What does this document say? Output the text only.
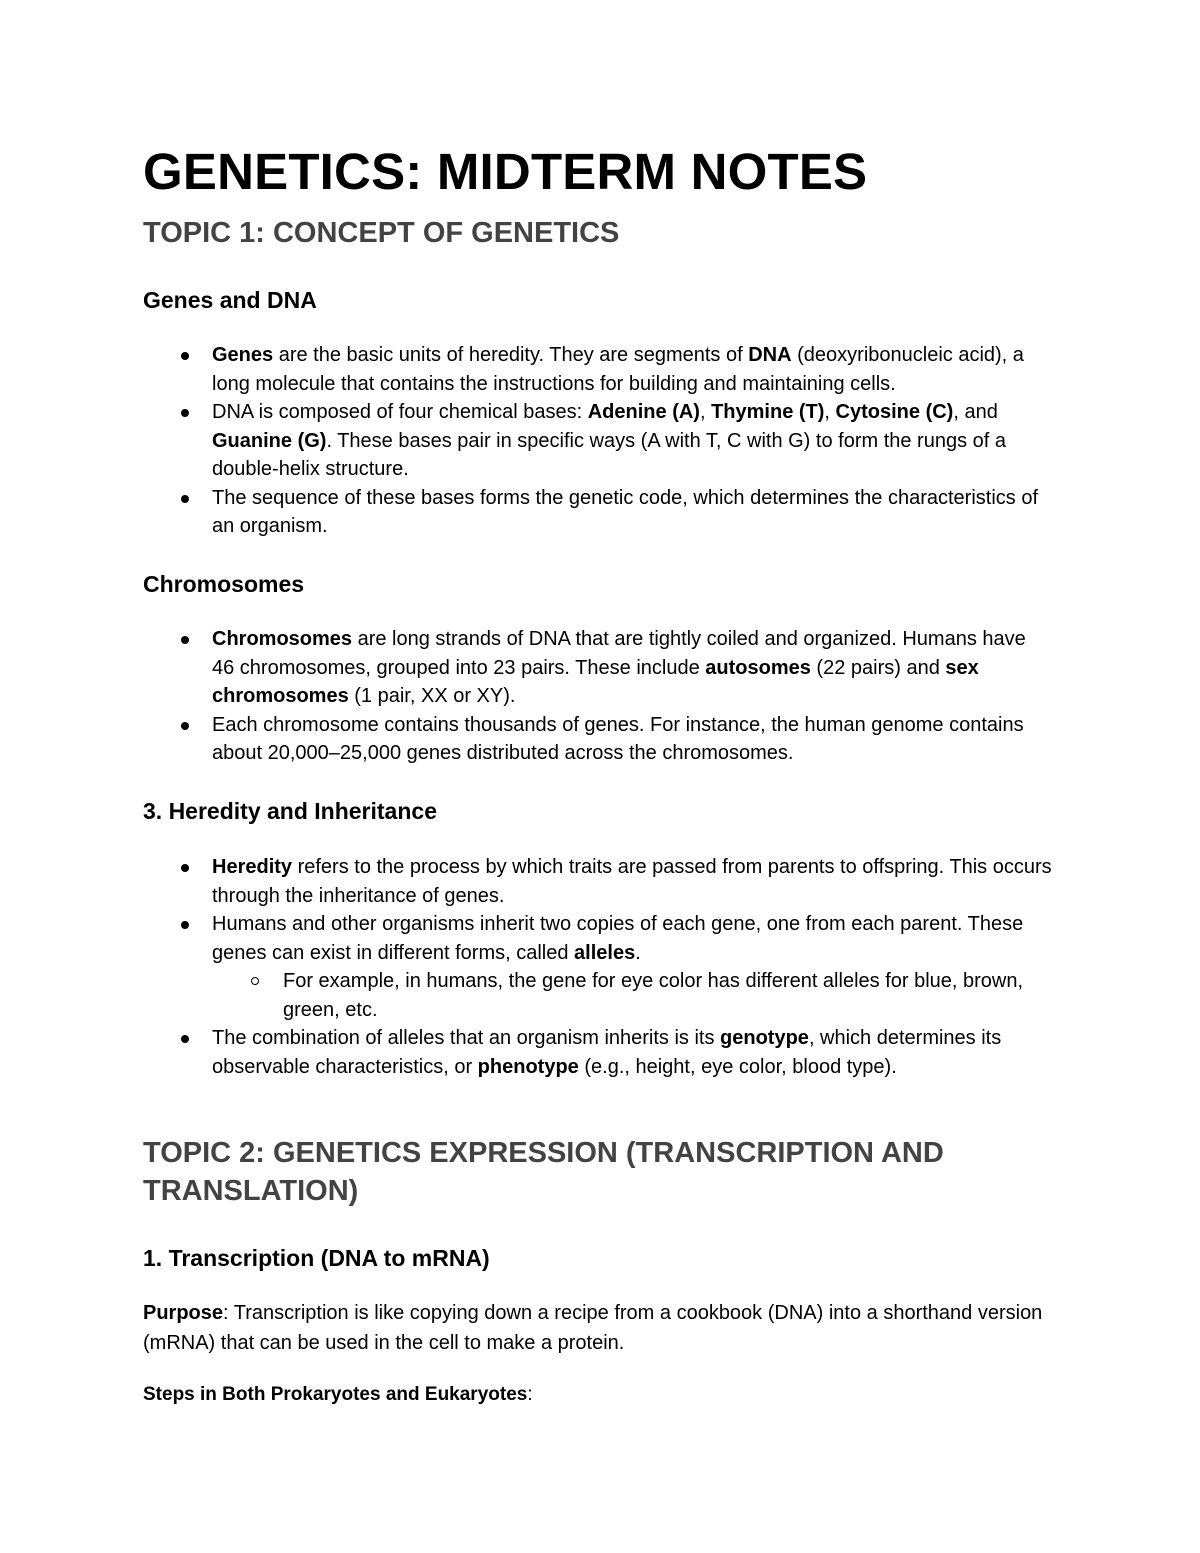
GENETICS: MIDTERM NOTES
TOPIC 1: CONCEPT OF GENETICS
Genes and DNA
Genes are the basic units of heredity. They are segments of DNA (deoxyribonucleic acid), a long molecule that contains the instructions for building and maintaining cells.
DNA is composed of four chemical bases: Adenine (A), Thymine (T), Cytosine (C), and Guanine (G). These bases pair in specific ways (A with T, C with G) to form the rungs of a double-helix structure.
The sequence of these bases forms the genetic code, which determines the characteristics of an organism.
Chromosomes
Chromosomes are long strands of DNA that are tightly coiled and organized. Humans have 46 chromosomes, grouped into 23 pairs. These include autosomes (22 pairs) and sex chromosomes (1 pair, XX or XY).
Each chromosome contains thousands of genes. For instance, the human genome contains about 20,000–25,000 genes distributed across the chromosomes.
3. Heredity and Inheritance
Heredity refers to the process by which traits are passed from parents to offspring. This occurs through the inheritance of genes.
Humans and other organisms inherit two copies of each gene, one from each parent. These genes can exist in different forms, called alleles.
For example, in humans, the gene for eye color has different alleles for blue, brown, green, etc.
The combination of alleles that an organism inherits is its genotype, which determines its observable characteristics, or phenotype (e.g., height, eye color, blood type).
TOPIC 2: GENETICS EXPRESSION (TRANSCRIPTION AND TRANSLATION)
1. Transcription (DNA to mRNA)

Purpose: Transcription is like copying down a recipe from a cookbook (DNA) into a shorthand version (mRNA) that can be used in the cell to make a protein.

Steps in Both Prokaryotes and Eukaryotes:
